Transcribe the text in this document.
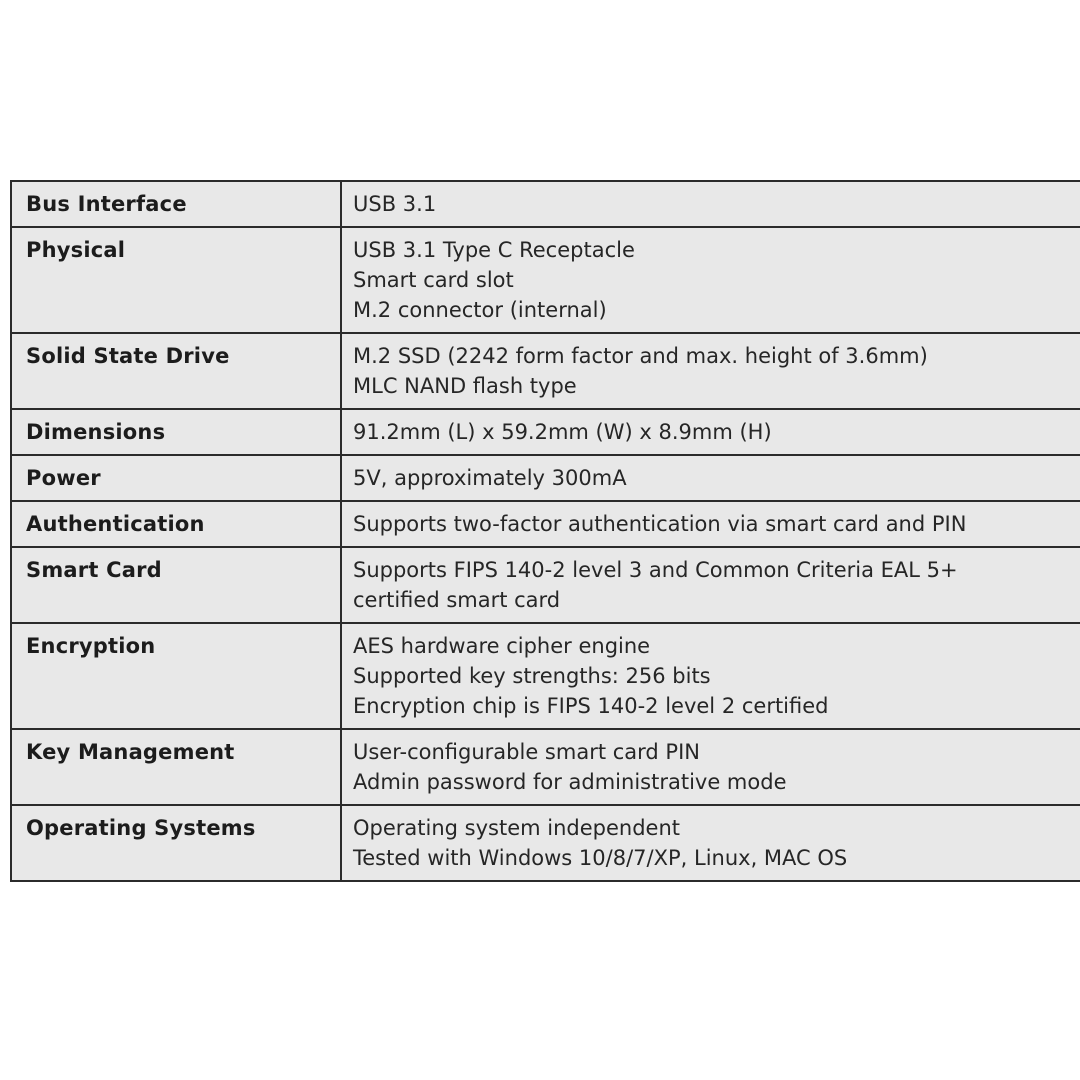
Bus Interface	USB 3.1

Physical	USB 3.1 Type C Receptacle
Smart card slot
M.2 connector (internal)

Solid State Drive	M.2 SSD (2242 form factor and max. height of 3.6mm)
MLC NAND flash type

Dimensions	91.2mm (L) x 59.2mm (W) x 8.9mm (H)

Power	5V, approximately 300mA

Authentication	Supports two-factor authentication via smart card and PIN

Smart Card	Supports FIPS 140-2 level 3 and Common Criteria EAL 5+
certified smart card

Encryption	AES hardware cipher engine
Supported key strengths: 256 bits
Encryption chip is FIPS 140-2 level 2 certified

Key Management	User-configurable smart card PIN
Admin password for administrative mode

Operating Systems	Operating system independent
Tested with Windows 10/8/7/XP, Linux, MAC OS
